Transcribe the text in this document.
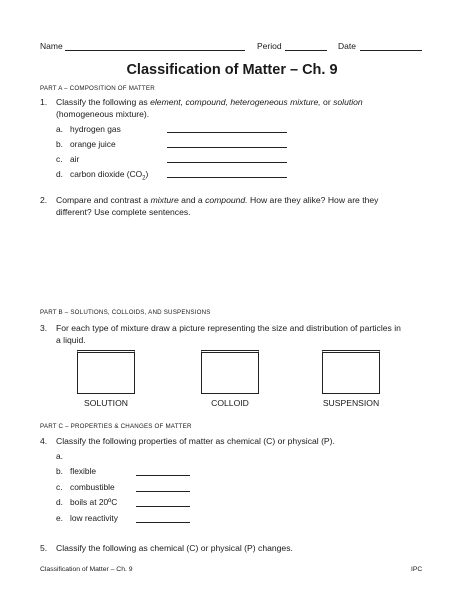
Name	Period	Date
Classification of Matter – Ch. 9
PART A – COMPOSITION OF MATTER
1. Classify the following as element, compound, heterogeneous mixture, or solution
(homogeneous mixture).
a. hydrogen gas
b. orange juice
c. air
d. carbon dioxide $(CO_2)$
2. Compare and contrast a mixture and a compound. How are they alike? How are they
different? Use complete sentences.
PART B – SOLUTIONS, COLLOIDS, AND SUSPENSIONS
3. For each type of mixture draw a picture representing the size and distribution of particles in
a liquid.
SOLUTION	COLLOID	SUSPENSION
PART C – PROPERTIES & CHANGES OF MATTER
4. Classify the following properties of matter as chemical (C) or physical (P).
a.
b. flexible
c. combustible
d. boils at 20ºC
e. low reactivity
5. Classify the following as chemical (C) or physical (P) changes.
Classification of Matter – Ch. 9	IPC
